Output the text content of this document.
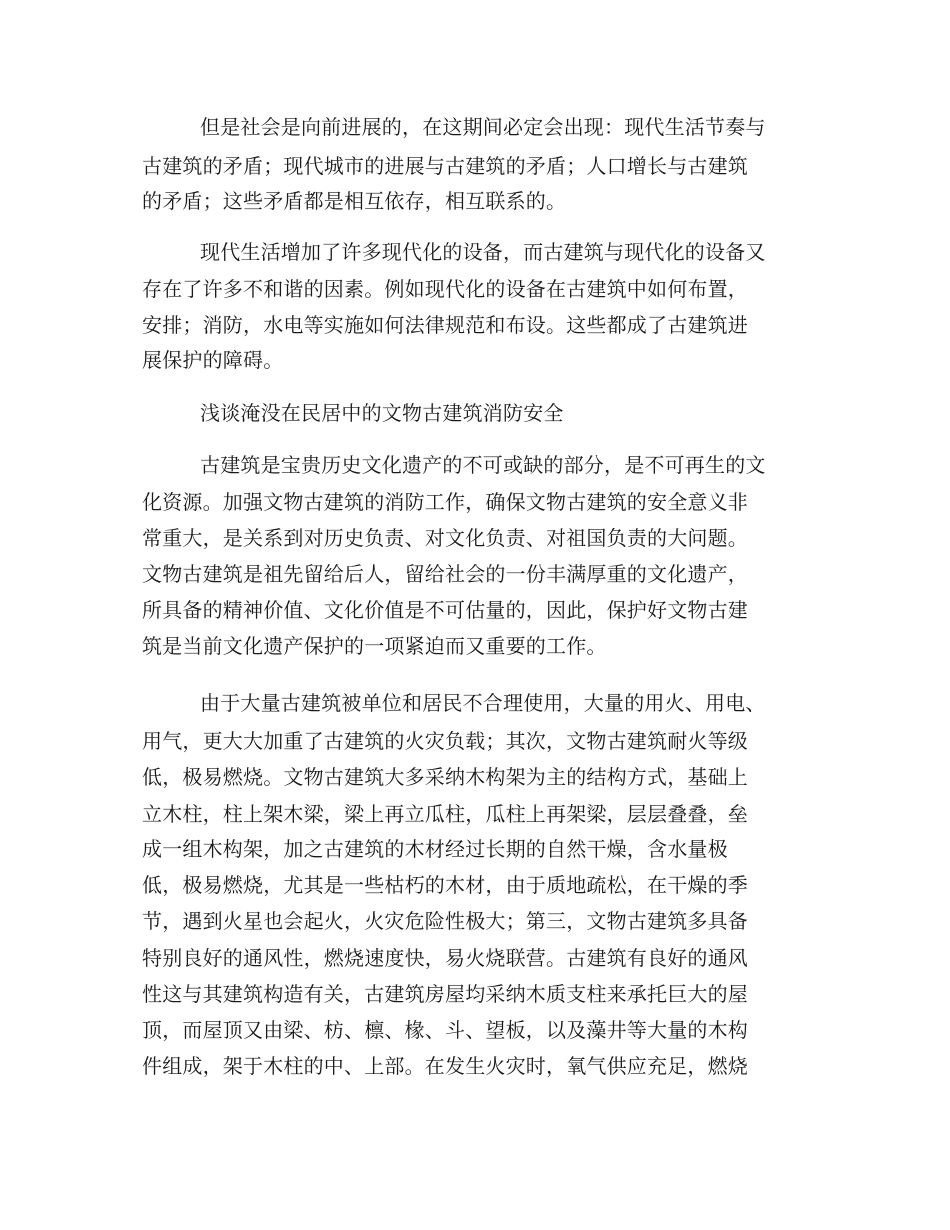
但是社会是向前进展的，在这期间必定会出现：现代生活节奏与
古建筑的矛盾；现代城市的进展与古建筑的矛盾；人口增长与古建筑
的矛盾；这些矛盾都是相互依存，相互联系的。
现代生活增加了许多现代化的设备，而古建筑与现代化的设备又
存在了许多不和谐的因素。例如现代化的设备在古建筑中如何布置，
安排；消防，水电等实施如何法律规范和布设。这些都成了古建筑进
展保护的障碍。
浅谈淹没在民居中的文物古建筑消防安全
古建筑是宝贵历史文化遗产的不可或缺的部分，是不可再生的文
化资源。加强文物古建筑的消防工作，确保文物古建筑的安全意义非
常重大，是关系到对历史负责、对文化负责、对祖国负责的大问题。
文物古建筑是祖先留给后人，留给社会的一份丰满厚重的文化遗产，
所具备的精神价值、文化价值是不可估量的，因此，保护好文物古建
筑是当前文化遗产保护的一项紧迫而又重要的工作。
由于大量古建筑被单位和居民不合理使用，大量的用火、用电、
用气，更大大加重了古建筑的火灾负载；其次，文物古建筑耐火等级
低，极易燃烧。文物古建筑大多采纳木构架为主的结构方式，基础上
立木柱，柱上架木梁，梁上再立瓜柱，瓜柱上再架梁，层层叠叠，垒
成一组木构架，加之古建筑的木材经过长期的自然干燥，含水量极
低，极易燃烧，尤其是一些枯朽的木材，由于质地疏松，在干燥的季
节，遇到火星也会起火，火灾危险性极大；第三，文物古建筑多具备
特别良好的通风性，燃烧速度快，易火烧联营。古建筑有良好的通风
性这与其建筑构造有关，古建筑房屋均采纳木质支柱来承托巨大的屋
顶，而屋顶又由梁、枋、檩、椽、斗、望板，以及藻井等大量的木构
件组成，架于木柱的中、上部。在发生火灾时，氧气供应充足，燃烧
